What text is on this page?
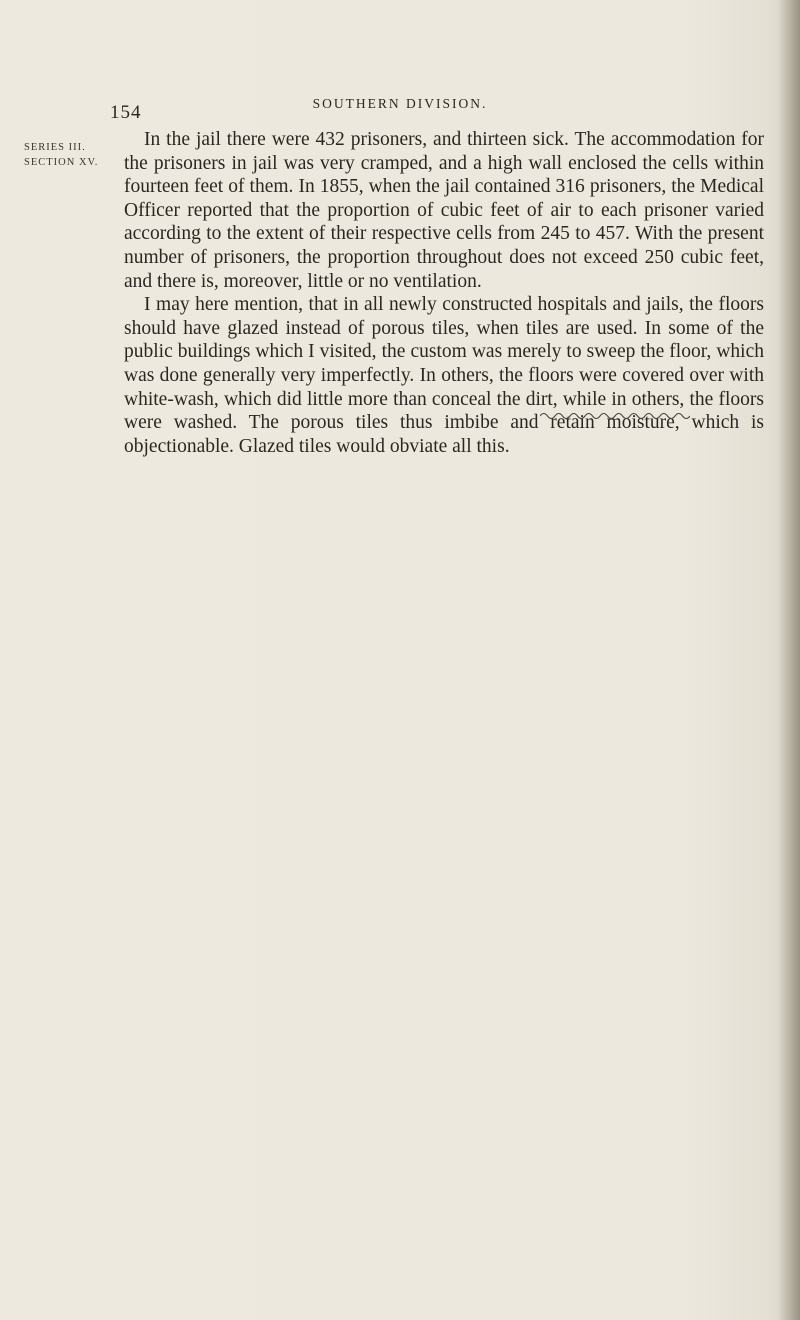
154	SOUTHERN DIVISION.
SERIES III.
SECTION XV.

In the jail there were 432 prisoners, and thirteen sick. The accommodation for the prisoners in jail was very cramped, and a high wall enclosed the cells within fourteen feet of them. In 1855, when the jail contained 316 prisoners, the Medical Officer reported that the proportion of cubic feet of air to each prisoner varied according to the extent of their respective cells from 245 to 457. With the present number of prisoners, the proportion throughout does not exceed 250 cubic feet, and there is, moreover, little or no ventilation.

I may here mention, that in all newly constructed hospitals and jails, the floors should have glazed instead of porous tiles, when tiles are used. In some of the public buildings which I visited, the custom was merely to sweep the floor, which was done generally very imperfectly. In others, the floors were covered over with white-wash, which did little more than conceal the dirt, while in others, the floors were washed. The porous tiles thus imbibe and retain moisture, which is objectionable. Glazed tiles would obviate all this.
